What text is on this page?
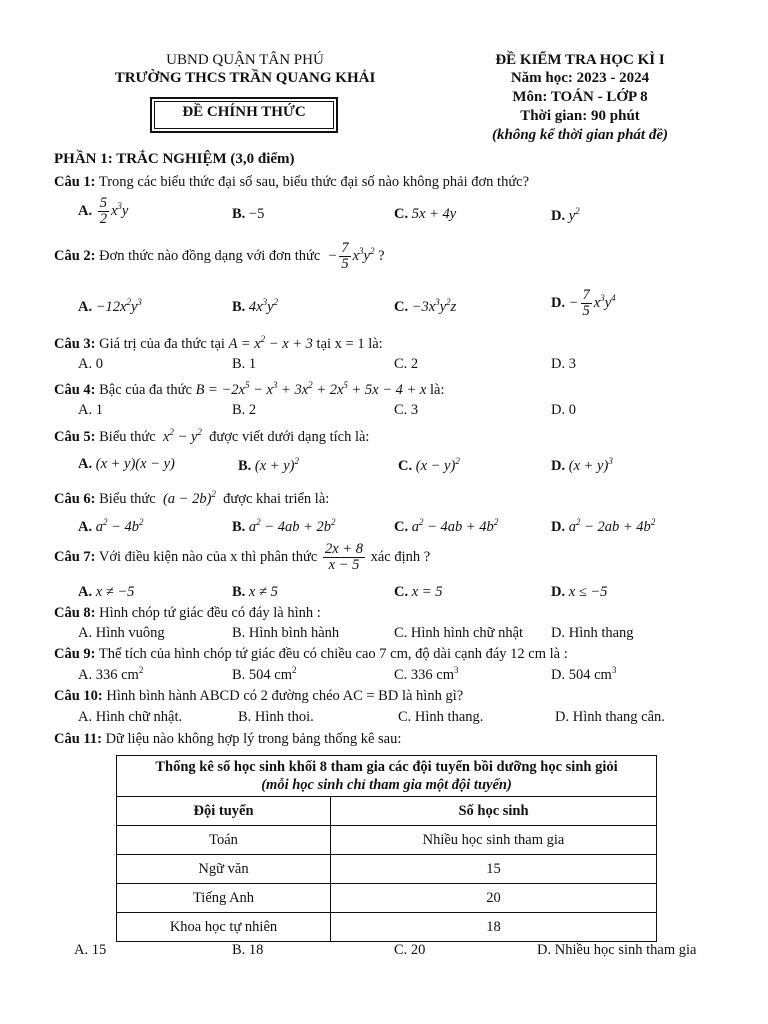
UBND QUẬN TÂN PHÚ
TRƯỜNG THCS TRẦN QUANG KHẢI
ĐỀ CHÍNH THỨC
ĐỀ KIỂM TRA HỌC KÌ I
Năm học: 2023 - 2024
Môn: TOÁN - LỚP 8
Thời gian: 90 phút
(không kể thời gian phát đề)
PHẦN 1: TRẮC NGHIỆM (3,0 điểm)
Câu 1: Trong các biểu thức đại số sau, biểu thức đại số nào không phải đơn thức?
A. $\frac{5}{2} x^3y$	B. −5	C. 5x + 4y	D. $y^2$
Câu 2: Đơn thức nào đồng dạng với đơn thức  − $\frac{7}{5} x^3y^2$ ?
A. $-12x^2y^3$	B. $4x^3y^2$	C. $-3x^3y^2z$	D. − $\frac{7}{5} x^3y^4$
Câu 3: Giá trị của đa thức tại $A = x^2 - x + 3$ tại x = 1 là:
A. 0	B. 1	C. 2	D. 3
Câu 4: Bậc của đa thức $B = -2x^5 - x^3 + 3x^2 + 2x^5 + 5x - 4 + x$ là:
A. 1	B. 2	C. 3	D. 0
Câu 5: Biểu thức  $x^2 - y^2$ được viết dưới dạng tích là:
A. (x + y)(x − y)	B. $(x + y)^2$	C. $(x - y)^2$	D. $(x + y)^3$
Câu 6: Biểu thức  $(a - 2b)^2$ được khai triển là:
A. $a^2 - 4b^2$	B. $a^2 - 4ab + 2b^2$	C. $a^2 - 4ab + 4b^2$	D. $a^2 - 2ab + 4b^2$
Câu 7: Với điều kiện nào của x thì phân thức $\frac{2x + 8}{x - 5}$ xác định ?
A. x ≠ −5	B. x ≠ 5	C. x = 5	D. x ≤ −5
Câu 8: Hình chóp tứ giác đều có đáy là hình :
A. Hình vuông	B. Hình bình hành	C. Hình hình chữ nhật D. Hình thang
Câu 9: Thể tích của hình chóp tứ giác đều có chiều cao 7 cm, độ dài cạnh đáy 12 cm là :
A. 336 $cm^2$	B. 504 $cm^2$	C. 336 $cm^3$	D. 504 $cm^3$
Câu 10: Hình bình hành ABCD có 2 đường chéo AC = BD là hình gì?
A. Hình chữ nhật.	B. Hình thoi.	C. Hình thang.	D. Hình thang cân.
Câu 11: Dữ liệu nào không hợp lý trong bảng thống kê sau:
Thống kê số học sinh khối 8 tham gia các đội tuyển bồi dưỡng học sinh giỏi
(mỗi học sinh chỉ tham gia một đội tuyển)	

Đội tuyển	Số học sinh
Toán	Nhiều học sinh tham gia
Ngữ văn	15
Tiếng Anh	20
Khoa học tự nhiên	18
A. 15	B. 18	C. 20	D. Nhiều học sinh tham gia
